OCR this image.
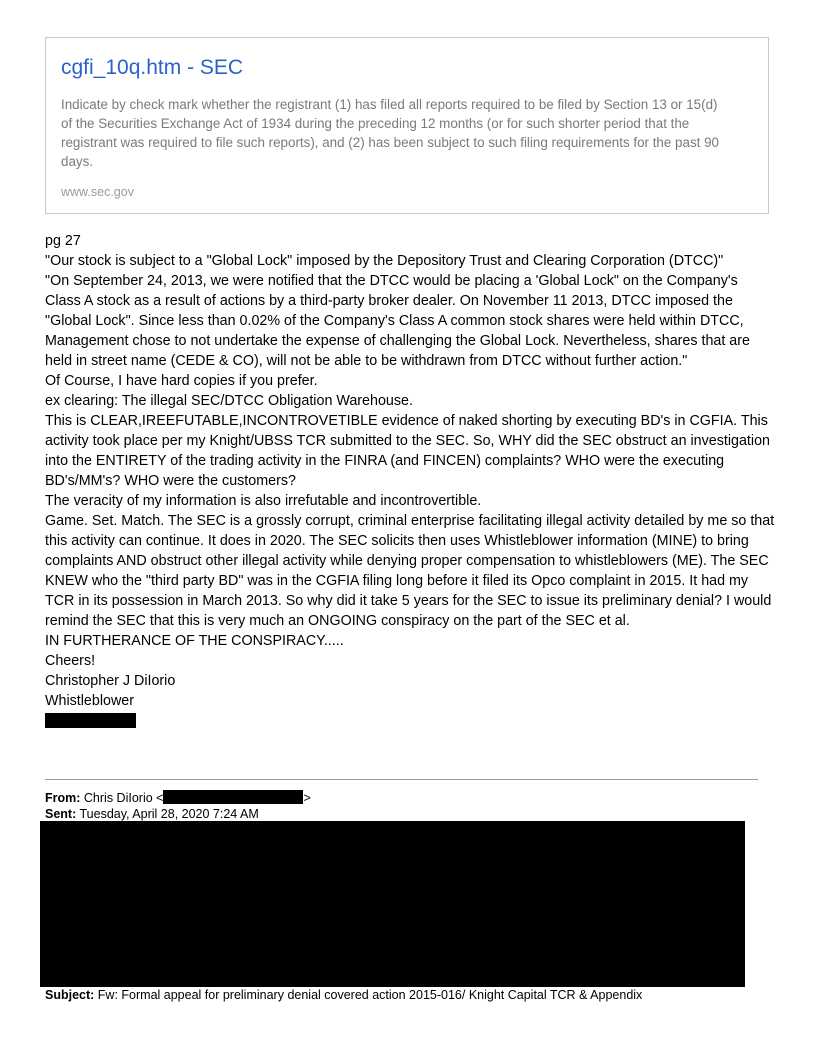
cgfi_10q.htm - SEC

Indicate by check mark whether the registrant (1) has filed all reports required to be filed by Section 13 or 15(d) of the Securities Exchange Act of 1934 during the preceding 12 months (or for such shorter period that the registrant was required to file such reports), and (2) has been subject to such filing requirements for the past 90 days.

www.sec.gov

pg 27

"Our stock is subject to a "Global Lock" imposed by the Depository Trust and Clearing Corporation (DTCC)"

"On September 24, 2013, we were notified that the DTCC would be placing a 'Global Lock" on the Company's Class A stock as a result of actions by a third-party broker dealer. On November 11 2013, DTCC imposed the "Global Lock". Since less than 0.02% of the Company's Class A common stock shares were held within DTCC, Management chose to not undertake the expense of challenging the Global Lock. Nevertheless, shares that are held in street name (CEDE & CO), will not be able to be withdrawn from DTCC without further action."

Of Course, I have hard copies if you prefer.

ex clearing: The illegal SEC/DTCC Obligation Warehouse.

This is CLEAR,IREEFUTABLE,INCONTROVETIBLE evidence of naked shorting by executing BD's in CGFIA. This activity took place per my Knight/UBSS TCR submitted to the SEC. So, WHY did the SEC obstruct an investigation into the ENTIRETY of the trading activity in the FINRA (and FINCEN) complaints? WHO were the executing BD's/MM's? WHO were the customers?

The veracity of my information is also irrefutable and incontrovertible.

Game. Set. Match. The SEC is a grossly corrupt, criminal enterprise facilitating illegal activity detailed by me so that this activity can continue. It does in 2020. The SEC solicits then uses Whistleblower information (MINE) to bring complaints AND obstruct other illegal activity while denying proper compensation to whistleblowers (ME). The SEC KNEW who the "third party BD" was in the CGFIA filing long before it filed its Opco complaint in 2015. It had my TCR in its possession in March 2013. So why did it take 5 years for the SEC to issue its preliminary denial? I would remind the SEC that this is very much an ONGOING conspiracy on the part of the SEC et al.

IN FURTHERANCE OF THE CONSPIRACY.....

Cheers!

Christopher J DiIorio

Whistleblower

From: Chris DiIorio <	>
Sent: Tuesday, April 28, 2020 7:24 AM
Subject: Fw: Formal appeal for preliminary denial covered action 2015-016/ Knight Capital TCR & Appendix
